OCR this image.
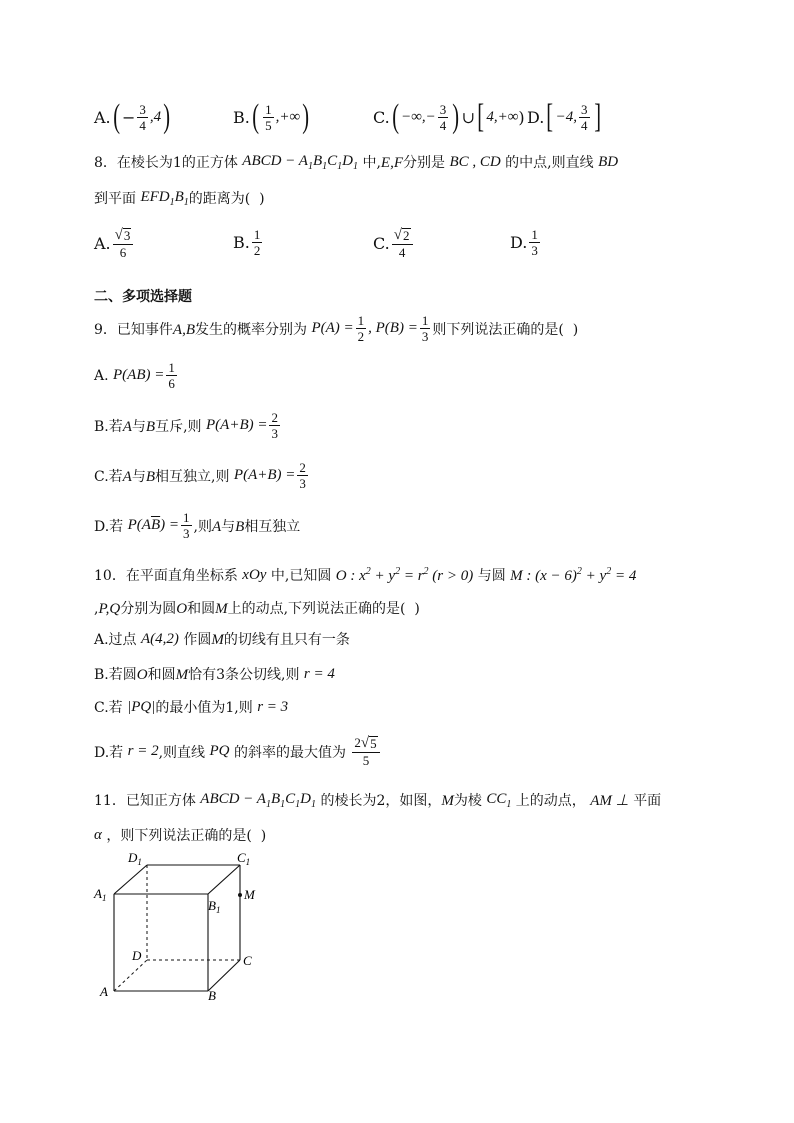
A. ( − $\frac{3}{4} ,4$ )	B. ( $\frac{1}{5}$ ,+∞ )	C. ( −∞,− $\frac{3}{4}$ ) ∪ [ 4,+∞ ) D. [ −4, $\frac{3}{4}$ ]
8．在棱长为1的正方体
ABCD − $A_1B_1C_1D_1$
中,E,F分别是
BC , CD
的中点,则直线
BD
到平面
$EFD_1B_1$ 的距离为(  )
A. $\frac{√ 3}{6}$	B. $\frac{1}{2}$	C. $\frac{√ 2}{4}$	D. $\frac{1}{3}$
二、多项选择题
9．已知事件A,B发生的概率分别为
$P(A) = \frac{1}{2}$ , $P(B) = \frac{1}{3}$ 则下列说法正确的是(  )
A.
$P(AB) = \frac{1}{6}$
B.若A与B互斥,则
$P(A+B) = \frac{2}{3}$
C.若A与B相互独立,则
$P(A+B) = \frac{2}{3}$
D.若
$P(A\overline{B}) = \frac{1}{3}$ ,则A与B相互独立
10．在平面直角坐标系
xOy
中,已知圆
O : $x^2 + y^2 = r^2$ (r > 0)
与圆
M : $(x - 6)^2 + y^2 = 4$
,P,Q分别为圆O和圆M上的动点,下列说法正确的是(  )
A.过点
A(4,2)
作圆M的切线有且只有一条
B.若圆O和圆M恰有3条公切线,则
r = 4
C.若
|PQ| 的最小值为1,则
r = 3
D.若
r = 2 ,则直线
PQ
的斜率的最大值为
$\frac{2 √ 5}{5}$
11．已知正方体
ABCD − $A_1B_1C_1D_1$
的棱长为2，如图，M为棱
$CC_1$
上的动点，
AM ⊥
平面
α
，则下列说法正确的是(  )
$D_1$	$C_1$
$A_1$	$B_1$
M
D	C
A	B
